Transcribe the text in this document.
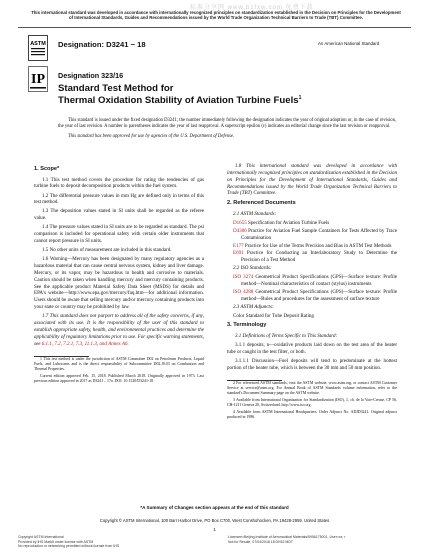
标准分享网 www.bzfxw.com 免费下载
This international standard was developed in accordance with internationally recognized principles on standardization established in the Decision on Principles for the Development of International Standards, Guides and Recommendations issued by the World Trade Organization Technical Barriers to Trade (TBT) Committee.
ASTM
IP
Designation: D3241 − 18	An American National Standard
Designation 323/16
Standard Test Method for
Thermal Oxidation Stability of Aviation Turbine Fuels$^1$

This standard is issued under the fixed designation D3241; the number immediately following the designation indicates the year of original adoption or, in the case of revision, the year of last revision. A number in parentheses indicates the year of last reapproval. A superscript epsilon (ε) indicates an editorial change since the last revision or reapproval.

This standard has been approved for use by agencies of the U.S. Department of Defense.

1. Scope*

1.1 This test method covers the procedure for rating the tendencies of gas turbine fuels to deposit decomposition products within the fuel system.

1.2 The differential pressure values in mm Hg are defined only in terms of this test method.

1.3 The deposition values stated in SI units shall be regarded as the referee value.

1.4 The pressure values stated in SI units are to be regarded as standard. The psi comparison is included for operational safety with certain older instruments that cannot report pressure in SI units.

1.5 No other units of measurement are included in this standard.

1.6 Warning—Mercury has been designated by many regulatory agencies as a hazardous material that can cause central nervous system, kidney and liver damage. Mercury, or its vapor, may be hazardous to health and corrosive to materials. Caution should be taken when handling mercury and mercury containing products. See the applicable product Material Safety Data Sheet (MSDS) for details and EPA's website—http://www.epa.gov/mercury/faq.htm—for additional information. Users should be aware that selling mercury and/or mercury containing products into your state or country may be prohibited by law.

1.7 This standard does not purport to address all of the safety concerns, if any, associated with its use. It is the responsibility of the user of this standard to establish appropriate safety, health, and environmental practices and determine the applicability of regulatory limitations prior to use. For specific warning statements, see 6.1.1, 7.2, 7.2.1, 7.3, 11.1.3, and Annex A6.

1 This test method is under the jurisdiction of ASTM Committee D02 on Petroleum Products, Liquid Fuels, and Lubricants and is the direct responsibility of Subcommittee D02.J0.03 on Combustion and Thermal Properties.

Current edition approved Feb. 15, 2018. Published March 2018. Originally approved in 1973. Last previous edition approved in 2017 as D3241 – 17a. DOI: 10.1520/D3241-18.

1.8 This international standard was developed in accordance with internationally recognized principles on standardization established in the Decision on Principles for the Development of International Standards, Guides and Recommendations issued by the World Trade Organization Technical Barriers to Trade (TBT) Committee.

2. Referenced Documents

2.1 ASTM Standards:

D1655 Specification for Aviation Turbine Fuels
D4306 Practice for Aviation Fuel Sample Containers for Tests Affected by Trace Contamination
E177 Practice for Use of the Terms Precision and Bias in ASTM Test Methods
E691 Practice for Conducting an Interlaboratory Study to Determine the Precision of a Test Method

2.2 ISO Standards:

ISO 3274 Geometrical Product Specifications (GPS)—Surface texture: Profile method—Nominal characteristics of contact (stylus) instruments
ISO 4288 Geometrical Product Specifications (GPS)—Surface texture: Profile method—Rules and procedures for the assessment of surface texture

2.3 ASTM Adjuncts:

Color Standard for Tube Deposit Rating

3. Terminology

3.1 Definitions of Terms Specific to This Standard:

3.1.1 deposits, n—oxidative products laid down on the test area of the heater tube or caught in the test filter, or both.

3.1.1.1 Discussion—Fuel deposits will tend to predominate at the hottest portion of the heater tube, which is between the 30 mm and 50 mm position.

2 For referenced ASTM standards, visit the ASTM website, www.astm.org, or contact ASTM Customer Service at service@astm.org. For Annual Book of ASTM Standards volume information, refer to the standard's Document Summary page on the ASTM website.

3 Available from International Organization for Standardization (ISO), 1, ch. de la Voie-Creuse, CP 56, CH-1211 Geneva 20, Switzerland, http://www.iso.org.

4 Available from ASTM International Headquarters. Order Adjunct No. ADJD3241. Original adjunct produced in 1986.

*A Summary of Changes section appears at the end of this standard
Copyright © ASTM International, 100 Barr Harbor Drive, PO Box C700, West Conshohocken, PA 19428-2959. United States
1
Copyright ASTM International
Provided by IHS Markit under license with ASTM
No reproduction or networking permitted without license from IHS
Licensee=Beijing Institute of Aeronautical Materials/5956175001, User=xx, r
Not for Resale, 07/04/2018 18:39:52 MDT
